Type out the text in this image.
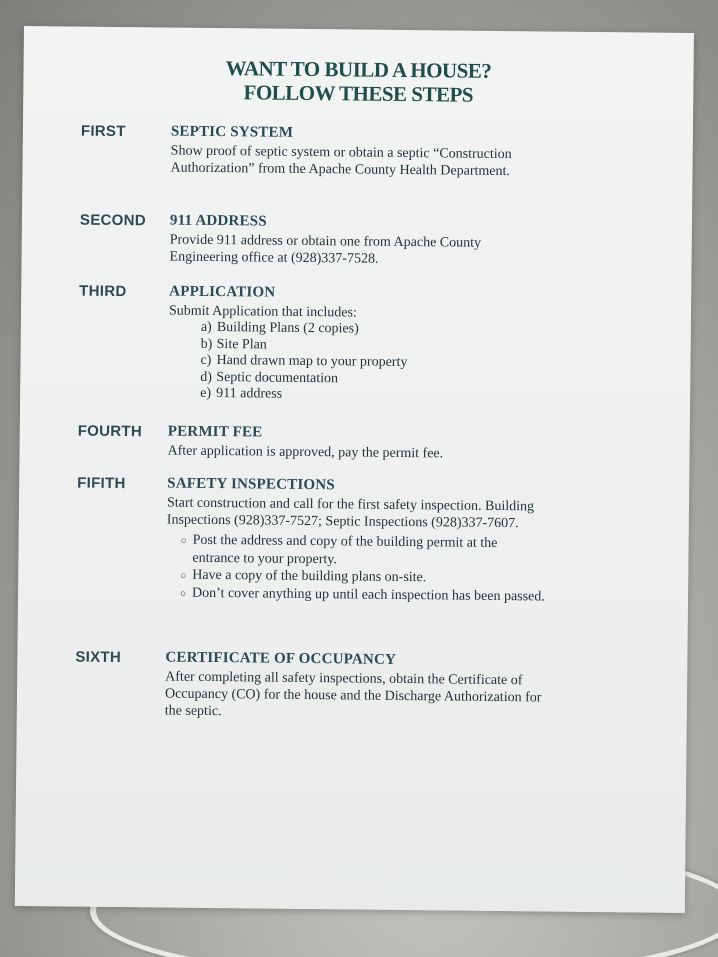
WANT TO BUILD A HOUSE?
FOLLOW THESE STEPS
FIRST	SEPTIC SYSTEM

Show proof of septic system or obtain a septic “Construction Authorization” from the Apache County Health Department.

SECOND 911 ADDRESS

Provide 911 address or obtain one from Apache County Engineering office at (928)337-7528.

THIRD	APPLICATION

Submit Application that includes:

a) Building Plans (2 copies)
b) Site Plan
c) Hand drawn map to your property
d) Septic documentation
e) 911 address
FOURTH PERMIT FEE

After application is approved, pay the permit fee.

FIFITH	SAFETY INSPECTIONS

Start construction and call for the first safety inspection. Building Inspections (928)337-7527; Septic Inspections (928)337-7607.

○ Post the address and copy of the building permit at the entrance to your property.
○ Have a copy of the building plans on-site.
○ Don’t cover anything up until each inspection has been passed.
SIXTH	CERTIFICATE OF OCCUPANCY

After completing all safety inspections, obtain the Certificate of Occupancy (CO) for the house and the Discharge Authorization for the septic.
